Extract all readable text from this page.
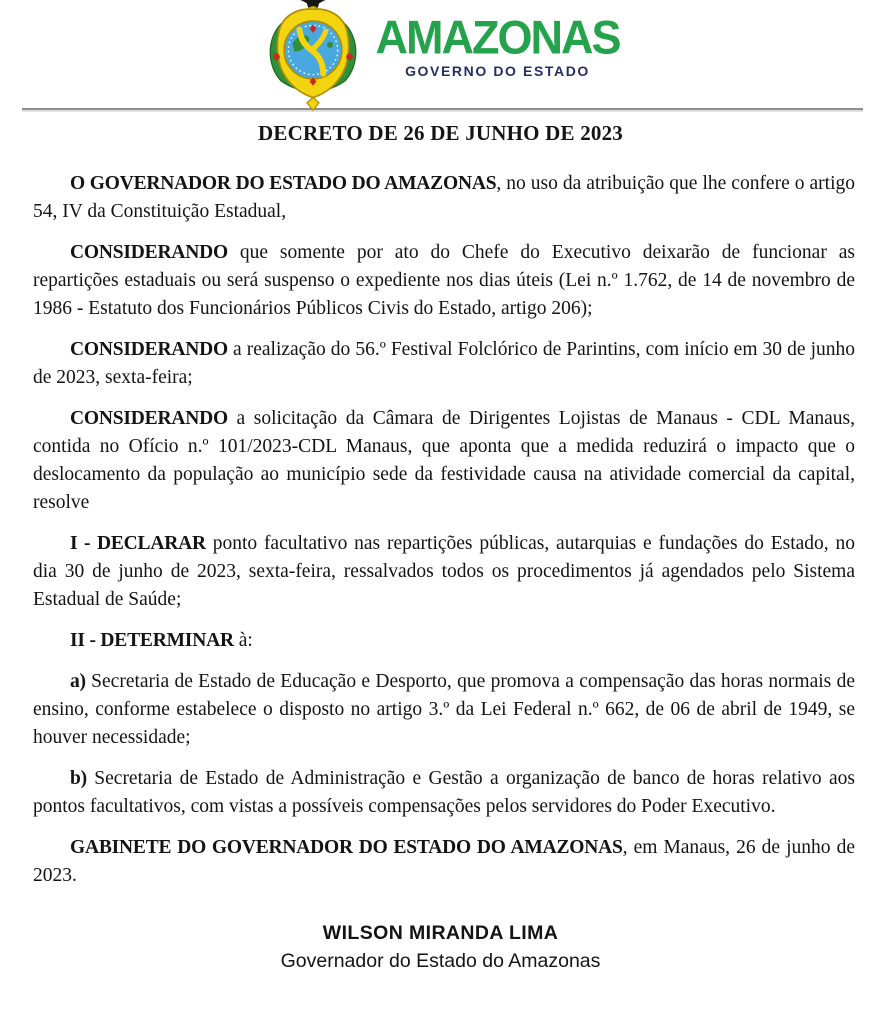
AMAZONAS
GOVERNO DO ESTADO
DECRETO DE 26 DE JUNHO DE 2023

O GOVERNADOR DO ESTADO DO AMAZONAS, no uso da atribuição que lhe confere o artigo 54, IV da Constituição Estadual,

CONSIDERANDO que somente por ato do Chefe do Executivo deixarão de funcionar as repartições estaduais ou será suspenso o expediente nos dias úteis (Lei n.º 1.762, de 14 de novembro de 1986 - Estatuto dos Funcionários Públicos Civis do Estado, artigo 206);

CONSIDERANDO a realização do 56.º Festival Folclórico de Parintins, com início em 30 de junho de 2023, sexta-feira;

CONSIDERANDO a solicitação da Câmara de Dirigentes Lojistas de Manaus - CDL Manaus, contida no Ofício n.º 101/2023-CDL Manaus, que aponta que a medida reduzirá o impacto que o deslocamento da população ao município sede da festividade causa na atividade comercial da capital, resolve

I - DECLARAR ponto facultativo nas repartições públicas, autarquias e fundações do Estado, no dia 30 de junho de 2023, sexta-feira, ressalvados todos os procedimentos já agendados pelo Sistema Estadual de Saúde;

II - DETERMINAR à:

a) Secretaria de Estado de Educação e Desporto, que promova a compensação das horas normais de ensino, conforme estabelece o disposto no artigo 3.º da Lei Federal n.º 662, de 06 de abril de 1949, se houver necessidade;

b) Secretaria de Estado de Administração e Gestão a organização de banco de horas relativo aos pontos facultativos, com vistas a possíveis compensações pelos servidores do Poder Executivo.

GABINETE DO GOVERNADOR DO ESTADO DO AMAZONAS, em Manaus, 26 de junho de 2023.

WILSON MIRANDA LIMA
Governador do Estado do Amazonas
